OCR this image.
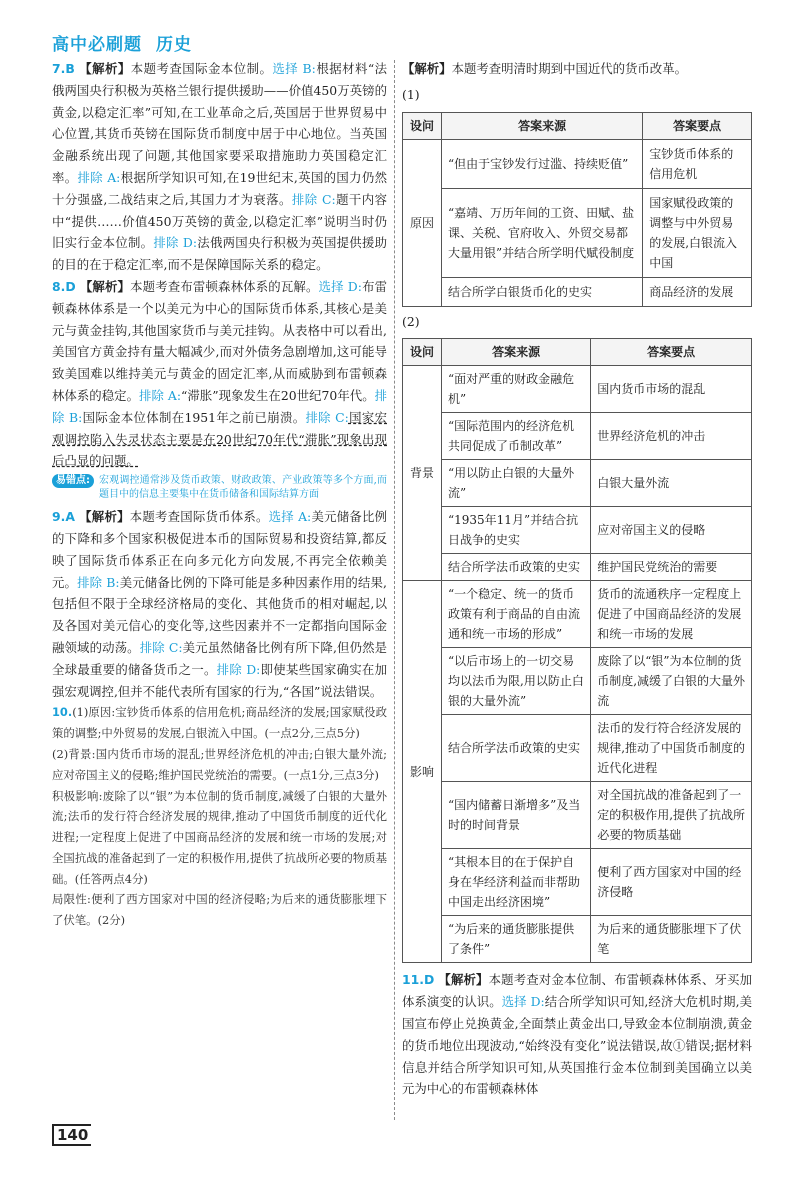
高中必刷题 历史

7.B 【解析】本题考查国际金本位制。选择 B:根据材料“法俄两国央行积极为英格兰银行提供援助——价值450万英镑的黄金,以稳定汇率”可知,在工业革命之后,英国居于世界贸易中心位置,其货币英镑在国际货币制度中居于中心地位。当英国金融系统出现了问题,其他国家要采取措施助力英国稳定汇率。排除 A:根据所学知识可知,在19世纪末,英国的国力仍然十分强盛,二战结束之后,其国力才为衰落。排除 C:题干内容中“提供……价值450万英镑的黄金,以稳定汇率”说明当时仍旧实行金本位制。排除 D:法俄两国央行积极为英国提供援助的目的在于稳定汇率,而不是保障国际关系的稳定。

8.D 【解析】本题考查布雷顿森林体系的瓦解。选择 D:布雷顿森林体系是一个以美元为中心的国际货币体系,其核心是美元与黄金挂钩,其他国家货币与美元挂钩。从表格中可以看出,美国官方黄金持有量大幅减少,而对外债务急剧增加,这可能导致美国难以维持美元与黄金的固定汇率,从而威胁到布雷顿森林体系的稳定。排除 A:“滞胀”现象发生在20世纪70年代。排除 B:国际金本位体制在1951年之前已崩溃。排除 C:国家宏观调控陷入失灵状态主要是在20世纪70年代“滞胀”现象出现后凸显的问题。

易错点: 宏观调控通常涉及货币政策、财政政策、产业政策等多个方面,而题目中的信息主要集中在货币储备和国际结算方面

9.A 【解析】本题考查国际货币体系。选择 A:美元储备比例的下降和多个国家积极促进本币的国际贸易和投资结算,都反映了国际货币体系正在向多元化方向发展,不再完全依赖美元。排除 B:美元储备比例的下降可能是多种因素作用的结果,包括但不限于全球经济格局的变化、其他货币的相对崛起,以及各国对美元信心的变化等,这些因素并不一定都指向国际金融领域的动荡。排除 C:美元虽然储备比例有所下降,但仍然是全球最重要的储备货币之一。排除 D:即使某些国家确实在加强宏观调控,但并不能代表所有国家的行为,“各国”说法错误。

10.(1)原因:宝钞货币体系的信用危机;商品经济的发展;国家赋役政策的调整;中外贸易的发展,白银流入中国。(一点2分,三点5分)

(2)背景:国内货币市场的混乱;世界经济危机的冲击;白银大量外流;应对帝国主义的侵略;维护国民党统治的需要。(一点1分,三点3分)

积极影响:废除了以“银”为本位制的货币制度,减缓了白银的大量外流;法币的发行符合经济发展的规律,推动了中国货币制度的近代化进程;一定程度上促进了中国商品经济的发展和统一市场的发展;对全国抗战的准备起到了一定的积极作用,提供了抗战所必要的物质基础。(任答两点4分)

局限性:便利了西方国家对中国的经济侵略;为后来的通货膨胀埋下了伏笔。(2分)

【解析】本题考查明清时期到中国近代的货币改革。

(1)

设问	答案来源	答案要点
原因	“但由于宝钞发行过滥、持续贬值”	宝钞货币体系的信用危机
	“嘉靖、万历年间的工资、田赋、盐课、关税、官府收入、外贸交易都大量用银”并结合所学明代赋役制度	国家赋役政策的调整与中外贸易的发展,白银流入中国
	结合所学白银货币化的史实	商品经济的发展

(2)

设问	答案来源	答案要点
背景	“面对严重的财政金融危机”	国内货币市场的混乱
	“国际范围内的经济危机共同促成了币制改革”	世界经济危机的冲击
	“用以防止白银的大量外流”	白银大量外流
	“1935年11月”并结合抗日战争的史实	应对帝国主义的侵略
	结合所学法币政策的史实	维护国民党统治的需要
影响	“一个稳定、统一的货币政策有利于商品的自由流通和统一市场的形成”	货币的流通秩序一定程度上促进了中国商品经济的发展和统一市场的发展
	“以后市场上的一切交易均以法币为限,用以防止白银的大量外流”	废除了以“银”为本位制的货币制度,减缓了白银的大量外流
	结合所学法币政策的史实	法币的发行符合经济发展的规律,推动了中国货币制度的近代化进程
	“国内储蓄日渐增多”及当时的时间背景	对全国抗战的准备起到了一定的积极作用,提供了抗战所必要的物质基础
	“其根本目的在于保护自身在华经济利益而非帮助中国走出经济困境”	便利了西方国家对中国的经济侵略
	“为后来的通货膨胀提供了条件”	为后来的通货膨胀埋下了伏笔

11.D 【解析】本题考查对金本位制、布雷顿森林体系、牙买加体系演变的认识。选择 D:结合所学知识可知,经济大危机时期,美国宣布停止兑换黄金,全面禁止黄金出口,导致金本位制崩溃,黄金的货币地位出现波动,“始终没有变化”说法错误,故①错误;据材料信息并结合所学知识可知,从英国推行金本位制到美国确立以美元为中心的布雷顿森林体

140
